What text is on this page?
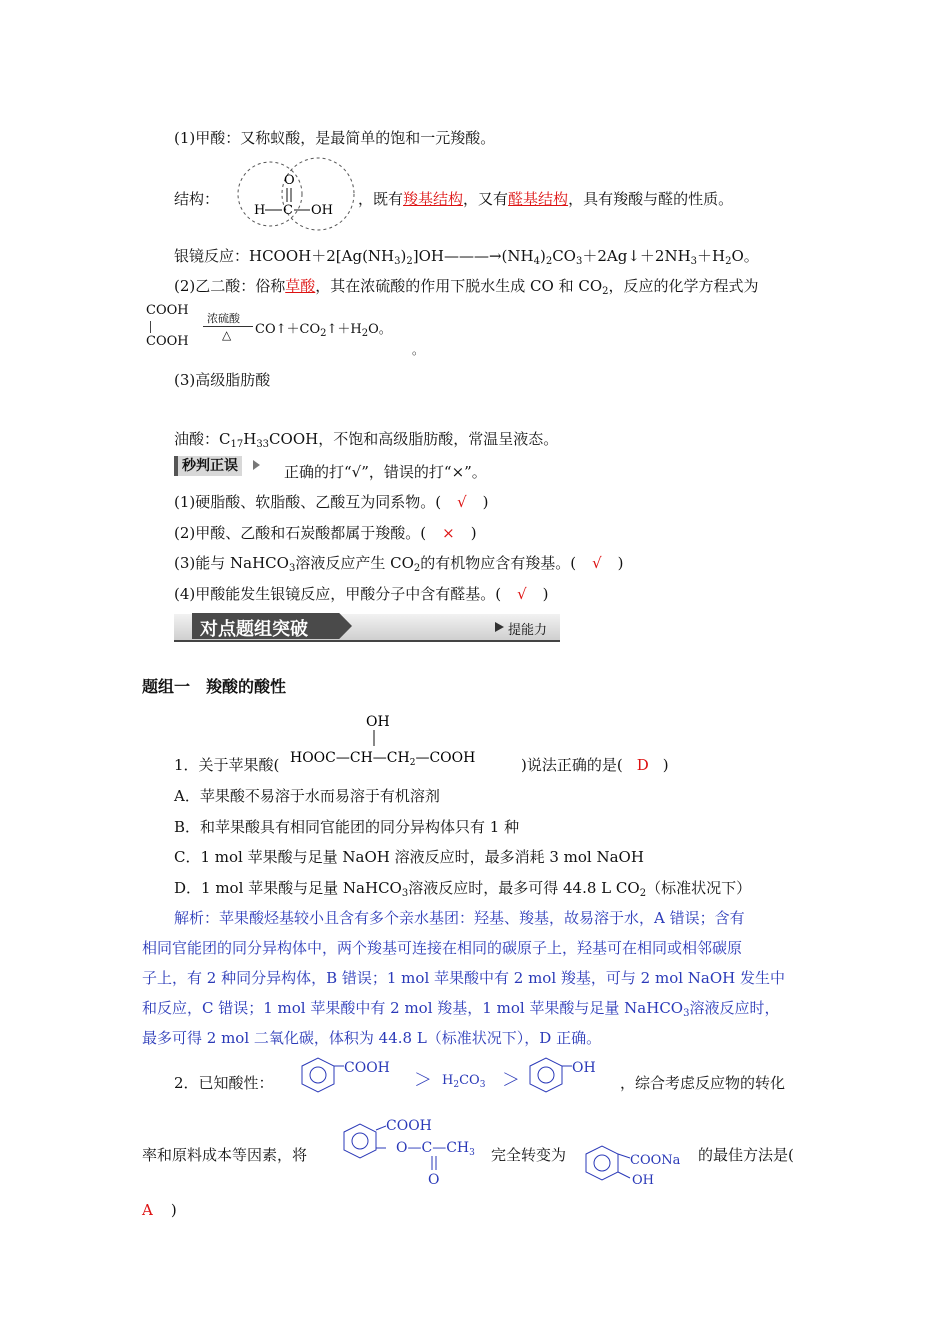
(1)甲酸：又称蚁酸，是最简单的饱和一元羧酸。
结构：
O
H C OH
，既有羧基结构，又有醛基结构，具有羧酸与醛的性质。
银镜反应：$HCOOH+2[Ag(NH_3)_2]OH———\to(NH_4)_2CO_3+2Ag↓+2NH_3+H_2O$。
(2)乙二酸：俗称草酸，其在浓硫酸的作用下脱水生成 CO 和 $CO_2$，反应的化学方程式为
COOH
COOH
浓硫酸
△ $CO↑+CO_2↑+H_2O$。
。
(3)高级脂肪酸
油酸：$C_{17}H_{33}COOH$，不饱和高级脂肪酸，常温呈液态。
秒判正误	正确的打“√”，错误的打“×”。
(1)硬脂酸、软脂酸、乙酸互为同系物。( √ )
(2)甲酸、乙酸和石炭酸都属于羧酸。( × )
(3)能与 NaHCO$_3$溶液反应产生 $CO_2$的有机物应含有羧基。( √ )
(4)甲酸能发生银镜反应，甲酸分子中含有醛基。( √ )
对点题组突破	提能力
题组一　羧酸的酸性
1．关于苹果酸(
OH
$HOOC—CH—CH_2—COOH$	)说法正确的是( D )
A．苹果酸不易溶于水而易溶于有机溶剂
B．和苹果酸具有相同官能团的同分异构体只有 1 种
C．1 mol 苹果酸与足量 NaOH 溶液反应时，最多消耗 3 mol NaOH
D．1 mol 苹果酸与足量 NaHCO$_3$溶液反应时，最多可得 44.8 L $CO_2$（标准状况下）
解析：苹果酸烃基较小且含有多个亲水基团：羟基、羧基，故易溶于水，A 错误；含有
相同官能团的同分异构体中，两个羧基可连接在相同的碳原子上，羟基可在相同或相邻碳原
子上，有 2 种同分异构体，B 错误；1 mol 苹果酸中有 2 mol 羧基，可与 2 mol NaOH 发生中
和反应，C 错误；1 mol 苹果酸中有 2 mol 羧基，1 mol 苹果酸与足量 NaHCO$_3$溶液反应时，
最多可得 2 mol 二氧化碳，体积为 44.8 L（标准状况下），D 正确。
2．已知酸性：
COOH
＞ $H_2CO_3$ ＞
OH
，综合考虑反应物的转化
率和原料成本等因素，将
COOH
$O—C—CH_3$
O
完全转变为	COONa
OH
的最佳方法是(
A )
